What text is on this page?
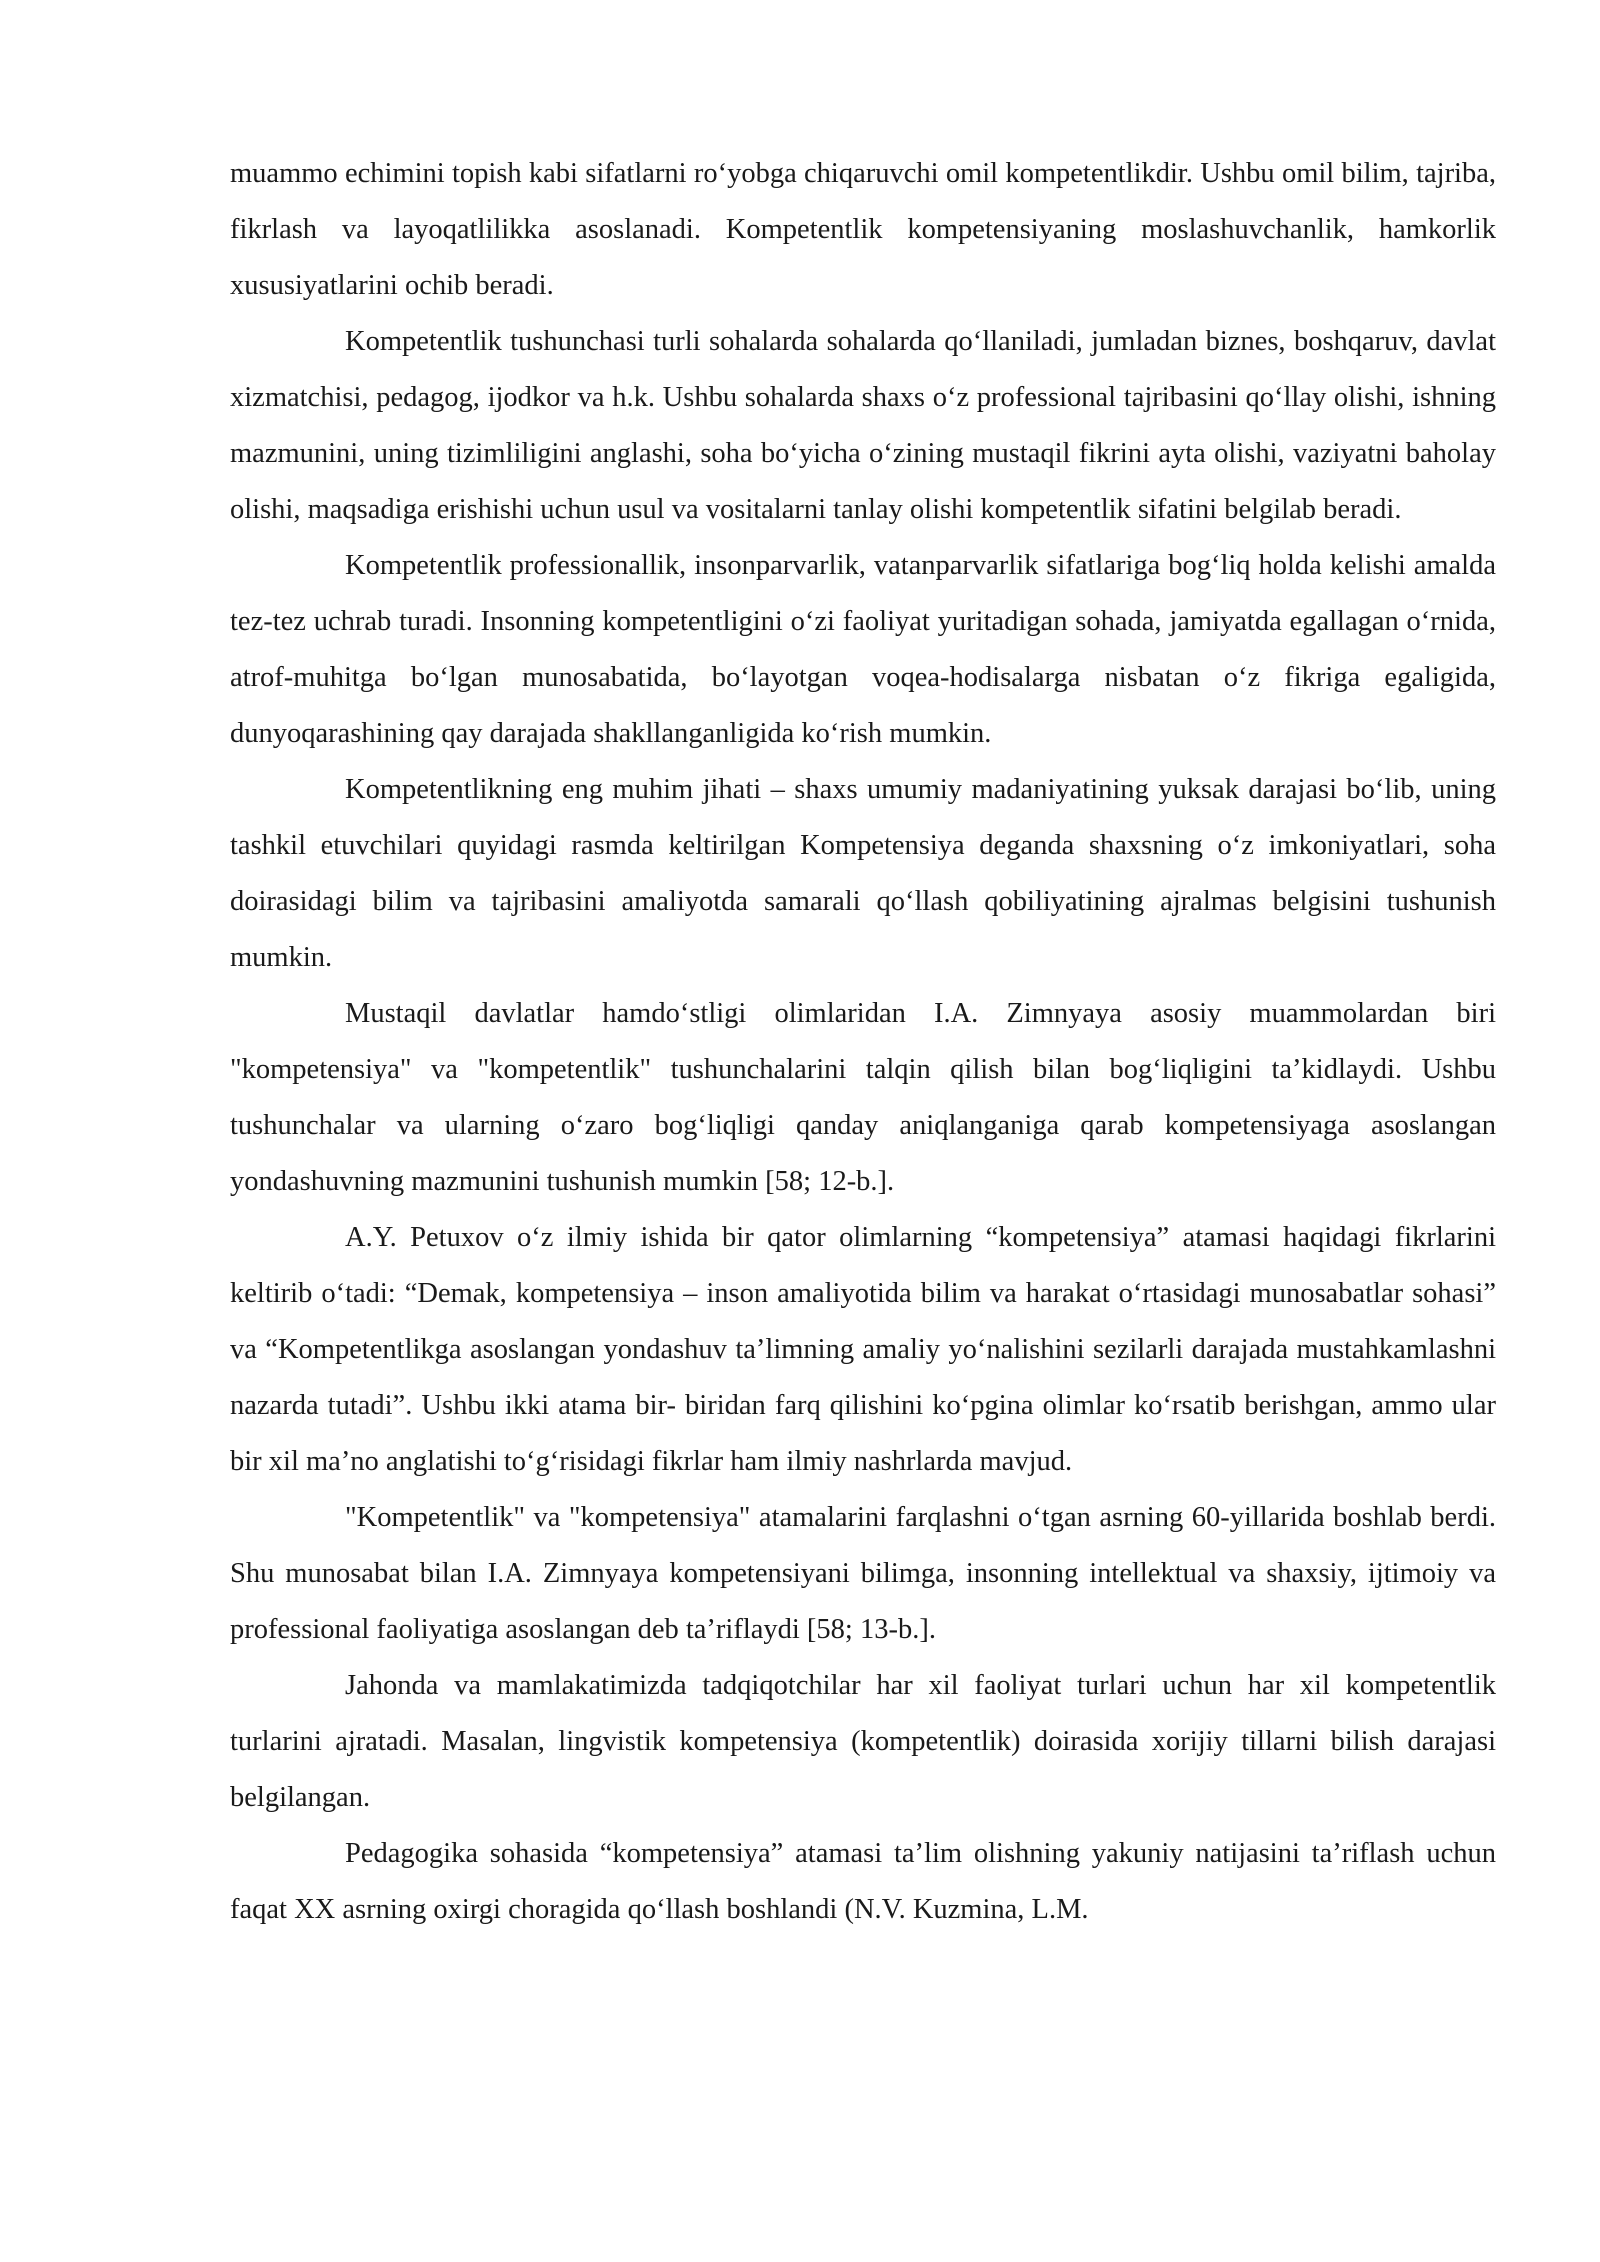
muammo echimini topish kabi sifatlarni ro‘yobga chiqaruvchi omil kompetentlikdir. Ushbu omil bilim, tajriba, fikrlash va layoqatlilikka asoslanadi. Kompetentlik kompetensiyaning moslashuvchanlik, hamkorlik xususiyatlarini ochib beradi.

Kompetentlik tushunchasi turli sohalarda sohalarda qo‘llaniladi, jumladan biznes, boshqaruv, davlat xizmatchisi, pedagog, ijodkor va h.k. Ushbu sohalarda shaxs o‘z professional tajribasini qo‘llay olishi, ishning mazmunini, uning tizimliligini anglashi, soha bo‘yicha o‘zining mustaqil fikrini ayta olishi, vaziyatni baholay olishi, maqsadiga erishishi uchun usul va vositalarni tanlay olishi kompetentlik sifatini belgilab beradi.

Kompetentlik professionallik, insonparvarlik, vatanparvarlik sifatlariga bog‘liq holda kelishi amalda tez-tez uchrab turadi. Insonning kompetentligini o‘zi faoliyat yuritadigan sohada, jamiyatda egallagan o‘rnida, atrof-muhitga bo‘lgan munosabatida, bo‘layotgan voqea-hodisalarga nisbatan o‘z fikriga egaligida, dunyoqarashining qay darajada shakllanganligida ko‘rish mumkin.

Kompetentlikning eng muhim jihati – shaxs umumiy madaniyatining yuksak darajasi bo‘lib, uning tashkil etuvchilari quyidagi rasmda keltirilgan Kompetensiya deganda shaxsning o‘z imkoniyatlari, soha doirasidagi bilim va tajribasini amaliyotda samarali qo‘llash qobiliyatining ajralmas belgisini tushunish mumkin.

Mustaqil davlatlar hamdo‘stligi olimlaridan I.A. Zimnyaya asosiy muammolardan biri "kompetensiya" va "kompetentlik" tushunchalarini talqin qilish bilan bog‘liqligini ta’kidlaydi. Ushbu tushunchalar va ularning o‘zaro bog‘liqligi qanday aniqlanganiga qarab kompetensiyaga asoslangan yondashuvning mazmunini tushunish mumkin [58; 12-b.].

A.Y. Petuxov o‘z ilmiy ishida bir qator olimlarning “kompetensiya” atamasi haqidagi fikrlarini keltirib o‘tadi: “Demak, kompetensiya – inson amaliyotida bilim va harakat o‘rtasidagi munosabatlar sohasi” va “Kompetentlikga asoslangan yondashuv ta’limning amaliy yo‘nalishini sezilarli darajada mustahkamlashni nazarda tutadi”. Ushbu ikki atama bir- biridan farq qilishini ko‘pgina olimlar ko‘rsatib berishgan, ammo ular bir xil ma’no anglatishi to‘g‘risidagi fikrlar ham ilmiy nashrlarda mavjud.

"Kompetentlik" va "kompetensiya" atamalarini farqlashni o‘tgan asrning 60-yillarida boshlab berdi. Shu munosabat bilan I.A. Zimnyaya kompetensiyani bilimga, insonning intellektual va shaxsiy, ijtimoiy va professional faoliyatiga asoslangan deb ta’riflaydi [58; 13-b.].

Jahonda va mamlakatimizda tadqiqotchilar har xil faoliyat turlari uchun har xil kompetentlik turlarini ajratadi. Masalan, lingvistik kompetensiya (kompetentlik) doirasida xorijiy tillarni bilish darajasi belgilangan.

Pedagogika sohasida “kompetensiya” atamasi ta’lim olishning yakuniy natijasini ta’riflash uchun faqat XX asrning oxirgi choragida qo‘llash boshlandi (N.V. Kuzmina, L.M.
